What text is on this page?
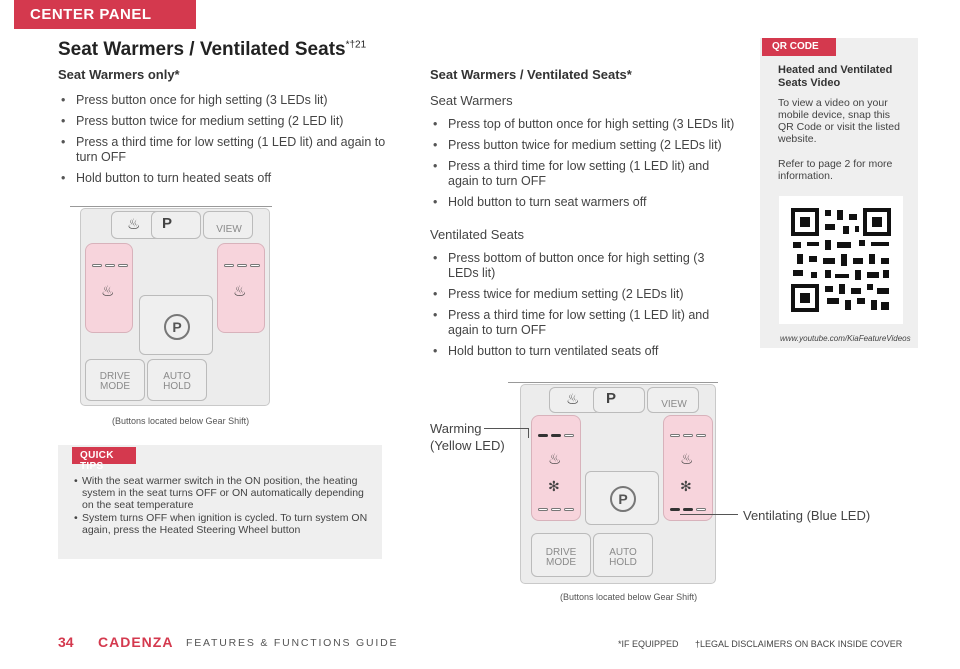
CENTER PANEL
Seat Warmers / Ventilated Seats$^{*\dagger 21}$
Seat Warmers only*
• Press button once for high setting (3 LEDs lit)
• Press button twice for medium setting (2 LED lit)
• Press a third time for low setting (1 LED lit) and again to turn OFF
• Hold button to turn heated seats off
♨ P	VIEW
♨	♨
P
DRIVE
MODE
AUTO
HOLD
(Buttons located below Gear Shift)
• With the seat warmer switch in the ON position, the heating system in the seat turns OFF or ON automatically depending on the seat temperature
• System turns OFF when ignition is cycled. To turn system ON again, press the Heated Steering Wheel button
QUICK TIPS
Seat Warmers / Ventilated Seats*
Seat Warmers
• Press top of button once for high setting (3 LEDs lit)
• Press button twice for medium setting (2 LEDs lit)
• Press a third time for low setting (1 LED lit) and again to turn OFF
• Hold button to turn seat warmers off
Ventilated Seats
• Press bottom of button once for high setting (3 LEDs lit)
• Press twice for medium setting (2 LEDs lit)
• Press a third time for low setting (1 LED lit) and again to turn OFF
• Hold button to turn ventilated seats off
♨ P	VIEW
♨
✻
♨
✻
P
DRIVE
MODE
AUTO
HOLD
(Buttons located below Gear Shift)
Warming
(Yellow LED)
Ventilating (Blue LED)
QR CODE
Heated and Ventilated Seats Video
To view a video on your mobile device, snap this QR Code or visit the listed website.
Refer to page 2 for more information.
www.youtube.com/KiaFeatureVideos
34 CADENZA FEATURES & FUNCTIONS GUIDE	*IF EQUIPPED †LEGAL DISCLAIMERS ON BACK INSIDE COVER
